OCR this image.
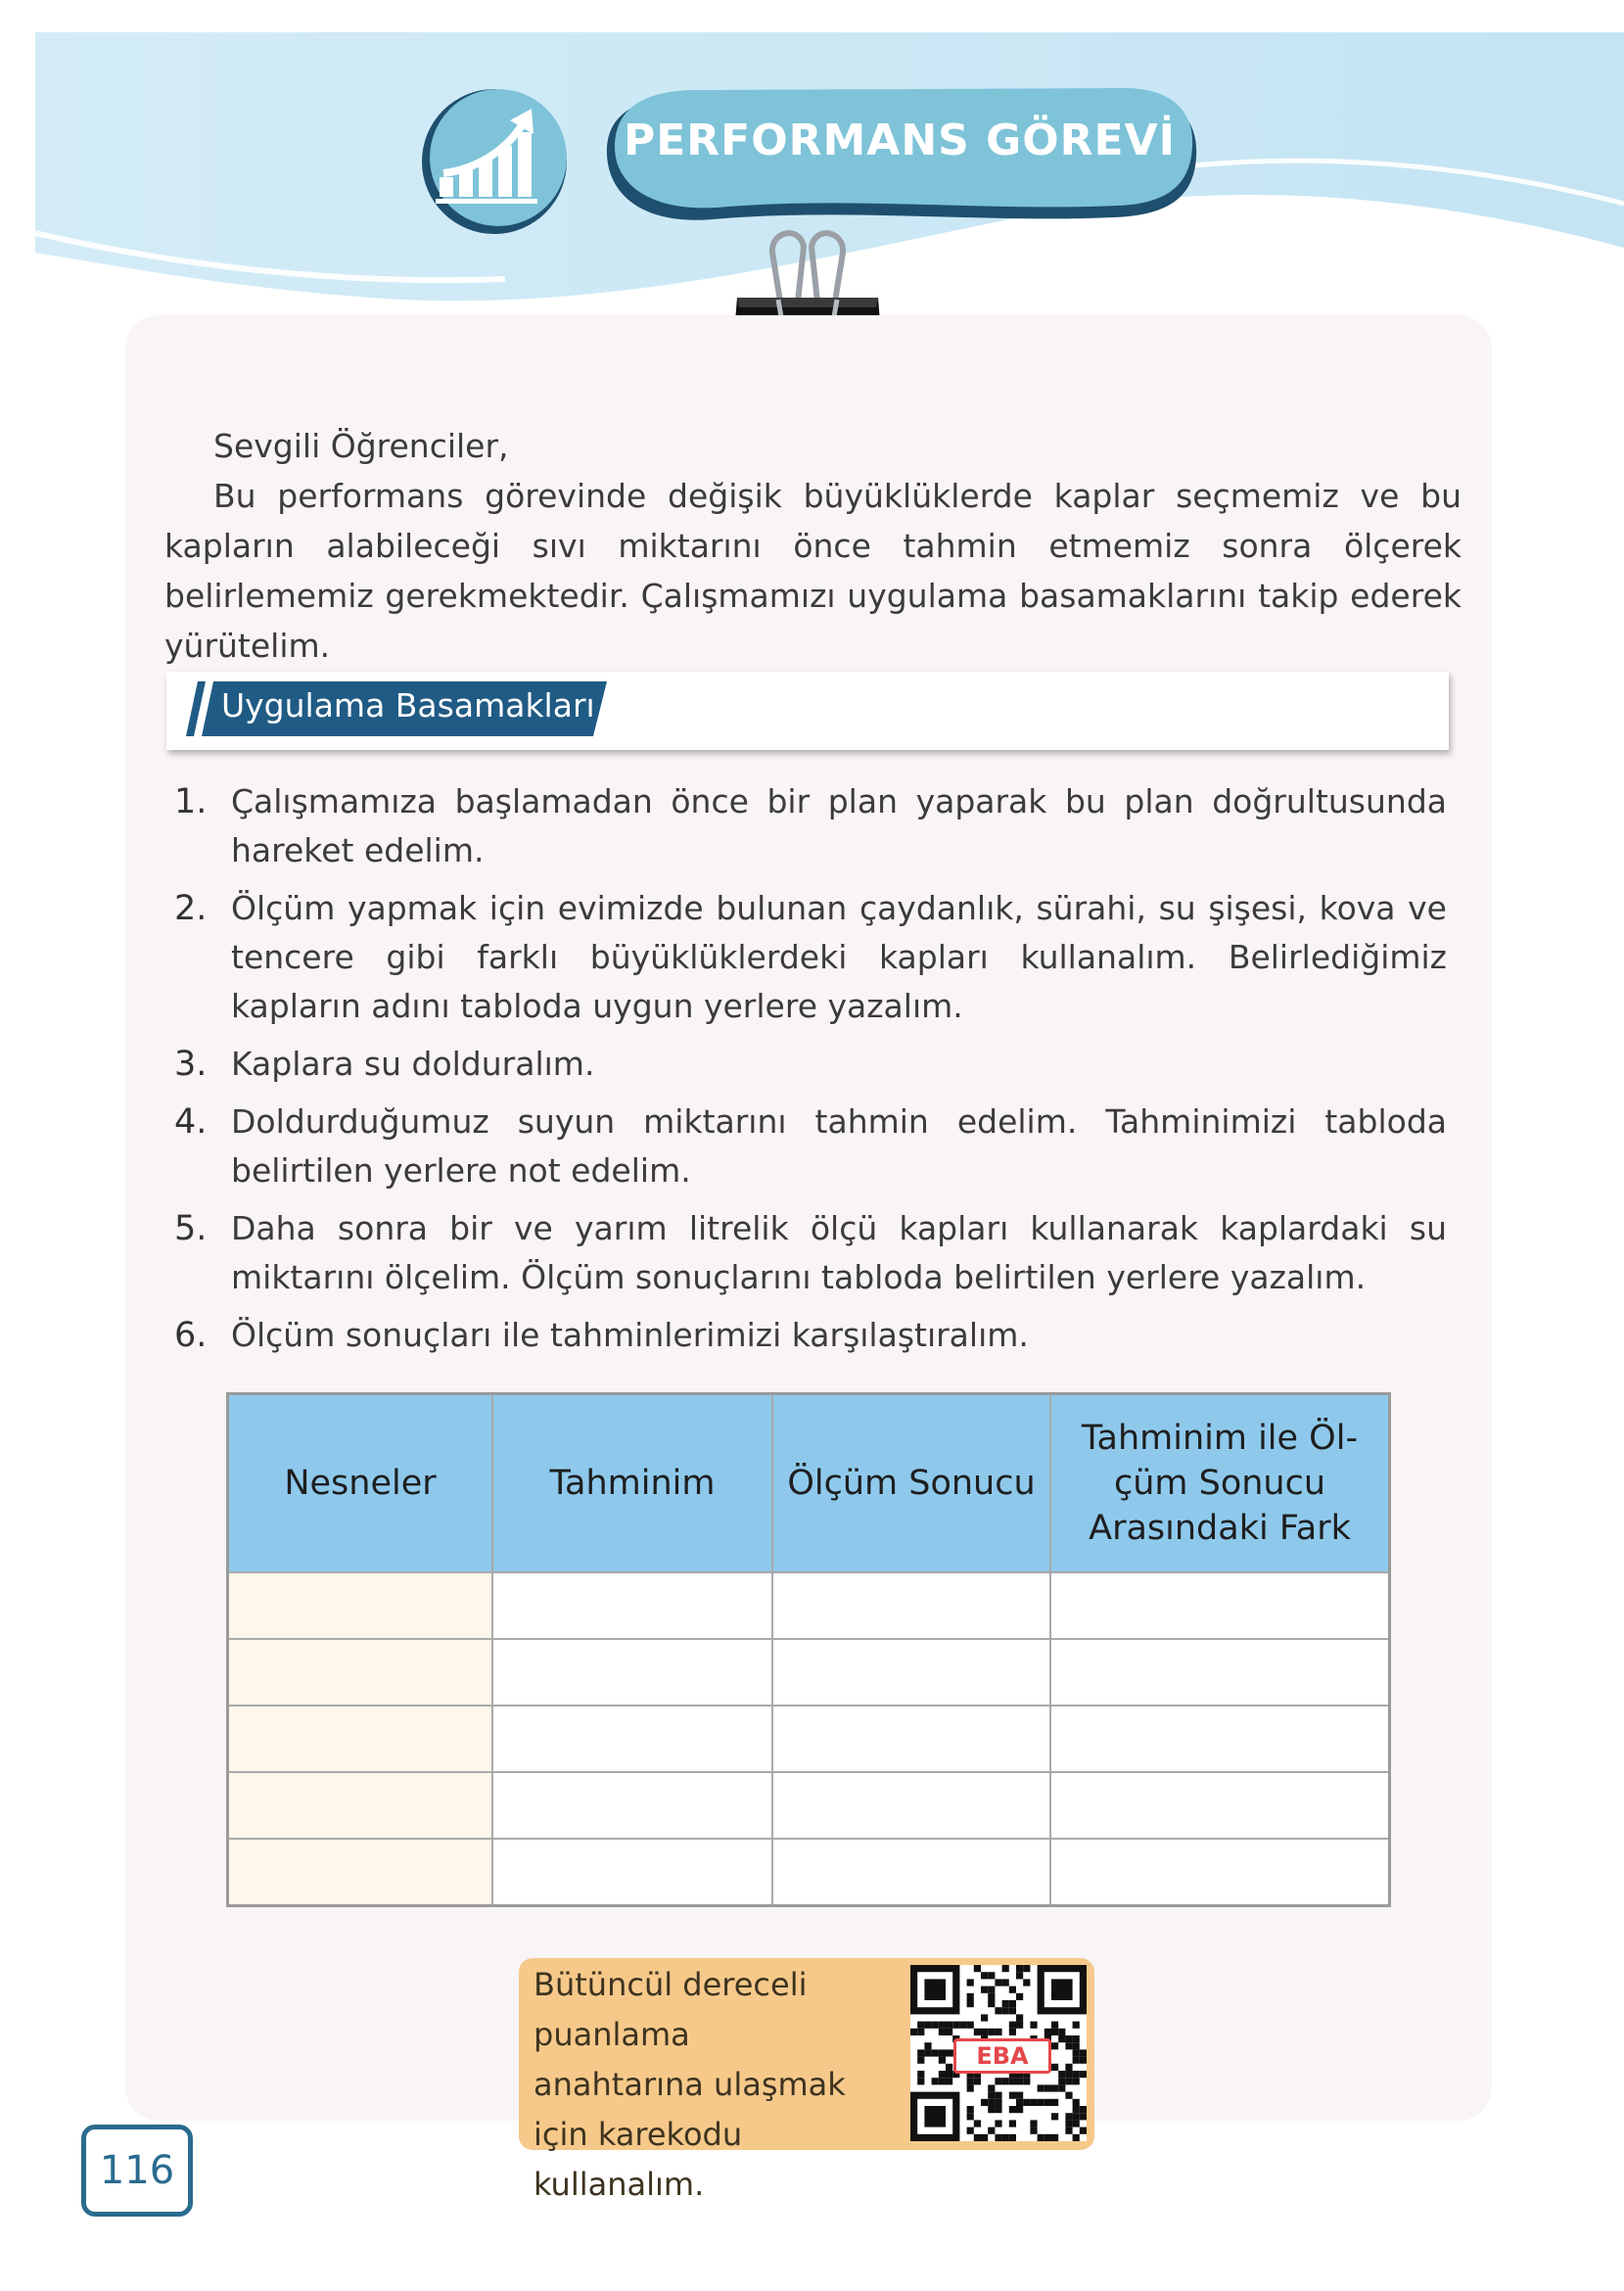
PERFORMANS GÖREVİ

Sevgili Öğrenciler,

Bu performans görevinde değişik büyüklüklerde kaplar seçmemiz ve bu kapların alabileceği sıvı miktarını önce tahmin etmemiz sonra ölçerek belirlememiz gerekmektedir. Çalışmamızı uygulama basamaklarını takip ederek yürütelim.

Uygulama Basamakları
1. Çalışmamıza başlamadan önce bir plan yaparak bu plan doğrultusunda hareket edelim.
2. Ölçüm yapmak için evimizde bulunan çaydanlık, sürahi, su şişesi, kova ve tencere gibi farklı büyüklüklerdeki kapları kullanalım. Belirlediğimiz kapların adını tabloda uygun yerlere yazalım.
3. Kaplara su dolduralım.
4. Doldurduğumuz suyun miktarını tahmin edelim. Tahminimizi tabloda belirtilen yerlere not edelim.
5. Daha sonra bir ve yarım litrelik ölçü kapları kullanarak kaplardaki su miktarını ölçelim. Ölçüm sonuçlarını tabloda belirtilen yerlere yazalım.
6. Ölçüm sonuçları ile tahminlerimizi karşılaştıralım.
Nesneler	Tahminim	Ölçüm Sonucu	Tahminim ile Öl-çüm Sonucu Arasındaki Fark

Bütüncül dereceli puanlama anahtarına ulaşmak için karekodu kullanalım.
EBA
116
